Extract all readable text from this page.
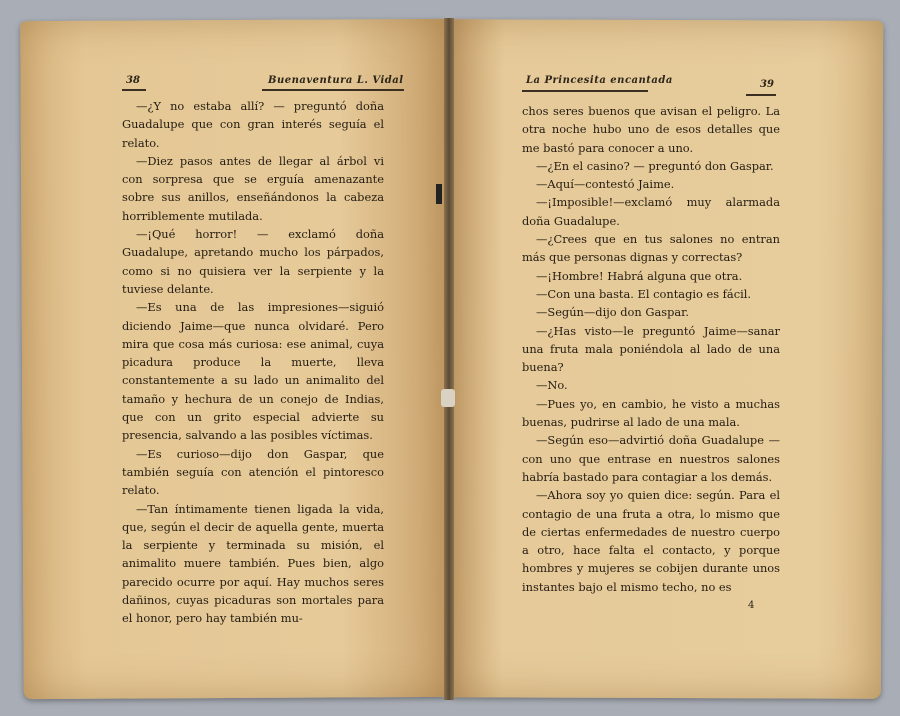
38	Buenaventura L. Vidal

—¿Y no estaba allí? — preguntó doña Guadalupe que con gran interés seguía el relato.

—Diez pasos antes de llegar al árbol vi con sorpresa que se erguía amenazante sobre sus anillos, enseñándonos la cabeza horriblemente mutilada.

—¡Qué horror! — exclamó doña Guadalupe, apretando mucho los párpados, como si no quisiera ver la serpiente y la tuviese delante.

—Es una de las impresiones—siguió diciendo Jaime—que nunca olvidaré. Pero mira que cosa más curiosa: ese animal, cuya picadura produce la muerte, lleva constantemente a su lado un animalito del tamaño y hechura de un conejo de Indias, que con un grito especial advierte su presencia, salvando a las posibles víctimas.

—Es curioso—dijo don Gaspar, que también seguía con atención el pintoresco relato.

—Tan íntimamente tienen ligada la vida, que, según el decir de aquella gente, muerta la serpiente y terminada su misión, el animalito muere también. Pues bien, algo parecido ocurre por aquí. Hay muchos seres dañinos, cuyas picaduras son mortales para el honor, pero hay también mu-

La Princesita encantada	39

chos seres buenos que avisan el peligro. La otra noche hubo uno de esos detalles que me bastó para conocer a uno.

—¿En el casino? — preguntó don Gaspar.

—Aquí—contestó Jaime.

—¡Imposible!—exclamó muy alarmada doña Guadalupe.

—¿Crees que en tus salones no entran más que personas dignas y correctas?

—¡Hombre! Habrá alguna que otra.

—Con una basta. El contagio es fácil.

—Según—dijo don Gaspar.

—¿Has visto—le preguntó Jaime—sanar una fruta mala poniéndola al lado de una buena?

—No.

—Pues yo, en cambio, he visto a muchas buenas, pudrirse al lado de una mala.

—Según eso—advirtió doña Guadalupe — con uno que entrase en nuestros salones habría bastado para contagiar a los demás.

—Ahora soy yo quien dice: según. Para el contagio de una fruta a otra, lo mismo que de ciertas enfermedades de nuestro cuerpo a otro, hace falta el contacto, y porque hombres y mujeres se cobijen durante unos instantes bajo el mismo techo, no es

4
